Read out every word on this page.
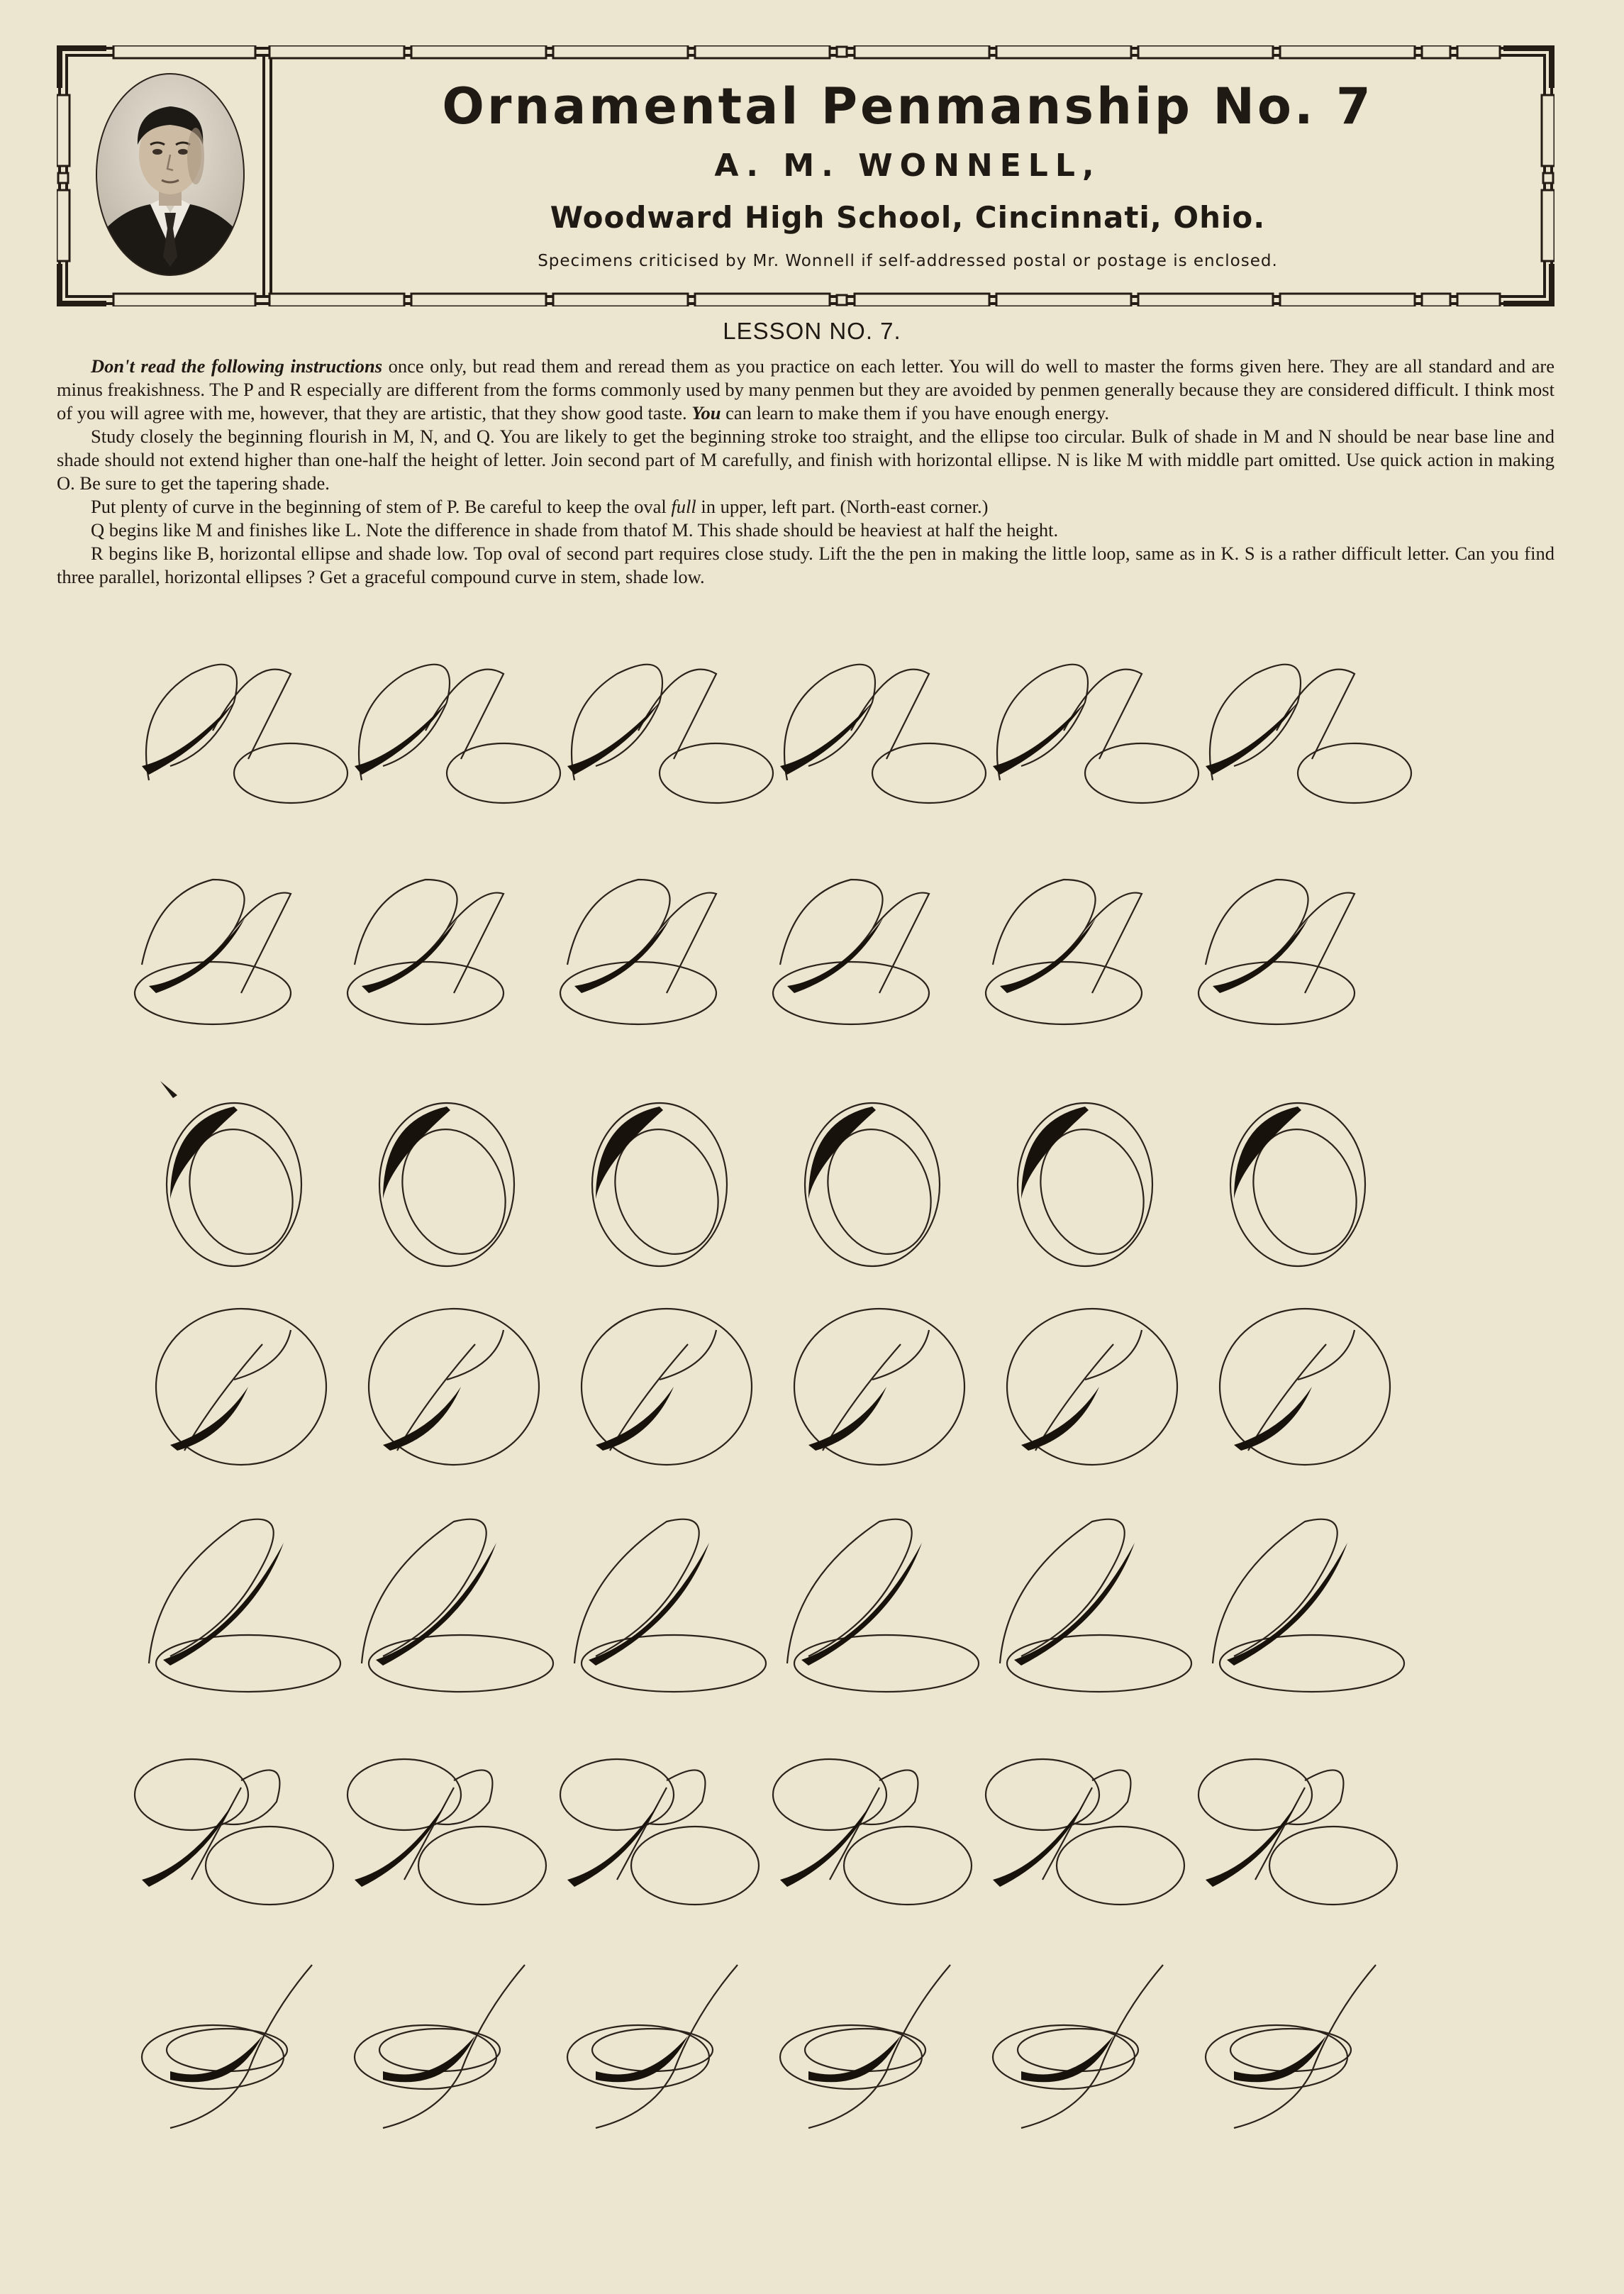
Ornamental Penmanship No. 7
A. M. WONNELL,
Woodward High School, Cincinnati, Ohio.
Specimens criticised by Mr. Wonnell if self-addressed postal or postage is enclosed.
LESSON NO. 7.

Don't read the following instructions once only, but read them and reread them as you practice on each letter. You will do well to master the forms given here. They are all standard and are minus freakishness. The P and R especially are different from the forms commonly used by many penmen but they are avoided by penmen generally because they are considered difficult. I think most of you will agree with me, however, that they are artistic, that they show good taste. You can learn to make them if you have enough energy.

Study closely the beginning flourish in M, N, and Q. You are likely to get the beginning stroke too straight, and the ellipse too circular. Bulk of shade in M and N should be near base line and shade should not extend higher than one-half the height of letter. Join second part of M carefully, and finish with horizontal ellipse. N is like M with middle part omitted. Use quick action in making O. Be sure to get the tapering shade.

Put plenty of curve in the beginning of stem of P. Be careful to keep the oval full in upper, left part. (North-east corner.)

Q begins like M and finishes like L. Note the difference in shade from thatof M. This shade should be heaviest at half the height.

R begins like B, horizontal ellipse and shade low. Top oval of second part requires close study. Lift the the pen in making the little loop, same as in K. S is a rather difficult letter. Can you find three parallel, horizontal ellipses ? Get a graceful compound curve in stem, shade low.
